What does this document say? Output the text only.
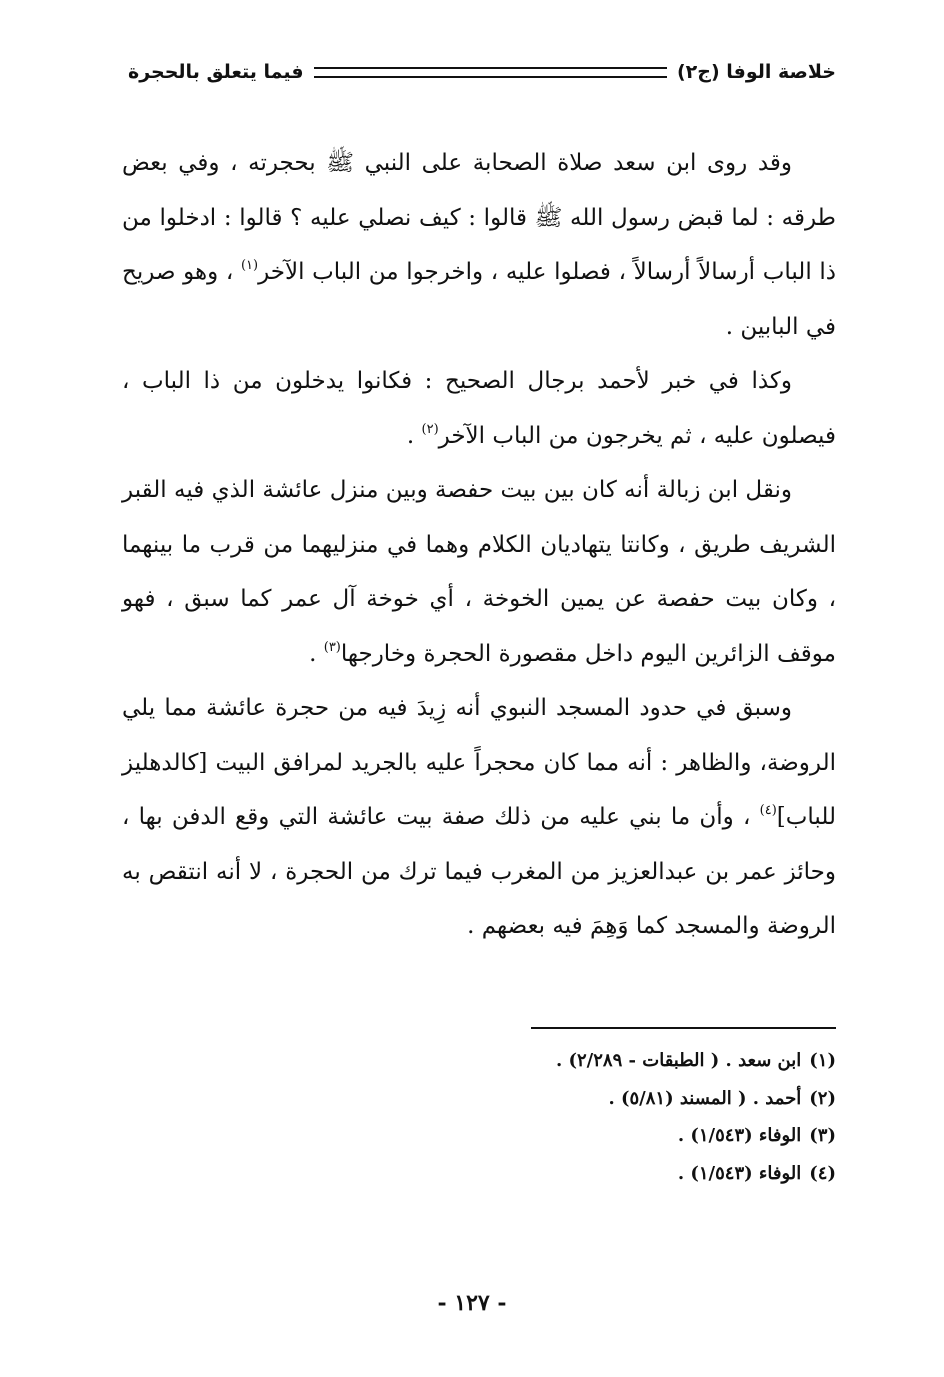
خلاصة الوفا (ج٢)
فيما يتعلق بالحجرة

وقد روى ابن سعد صلاة الصحابة على النبي ﷺ بحجرته ، وفي بعض طرقه : لما قبض رسول الله ﷺ قالوا : كيف نصلي عليه ؟ قالوا : ادخلوا من ذا الباب أرسالاً أرسالاً ، فصلوا عليه ، واخرجوا من الباب الآخر$^{(١)}$ ، وهو صريح في البابين .

وكذا في خبر لأحمد برجال الصحيح : فكانوا يدخلون من ذا الباب ، فيصلون عليه ، ثم يخرجون من الباب الآخر$^{(٢)}$ .

ونقل ابن زبالة أنه كان بين بيت حفصة وبين منزل عائشة الذي فيه القبر الشريف طريق ، وكانتا يتهاديان الكلام وهما في منزليهما من قرب ما بينهما ، وكان بيت حفصة عن يمين الخوخة ، أي خوخة آل عمر كما سبق ، فهو موقف الزائرين اليوم داخل مقصورة الحجرة وخارجها$^{(٣)}$ .

وسبق في حدود المسجد النبوي أنه زِيدَ فيه من حجرة عائشة مما يلي الروضة، والظاهر : أنه مما كان محجراً عليه بالجريد لمرافق البيت [كالدهليز للباب]$^{(٤)}$ ، وأن ما بني عليه من ذلك صفة بيت عائشة التي وقع الدفن بها ، وحائز عمر بن عبدالعزيز من المغرب فيما ترك من الحجرة ، لا أنه انتقص به الروضة والمسجد كما وَهِمَ فيه بعضهم .

(١)ابن سعد . ( الطبقات - ٢/٢٨٩) .
(٢)أحمد . ( المسند (٥/٨١) .
(٣)الوفاء (١/٥٤٣) .
(٤)الوفاء (١/٥٤٣) .
- ١٢٧ -
